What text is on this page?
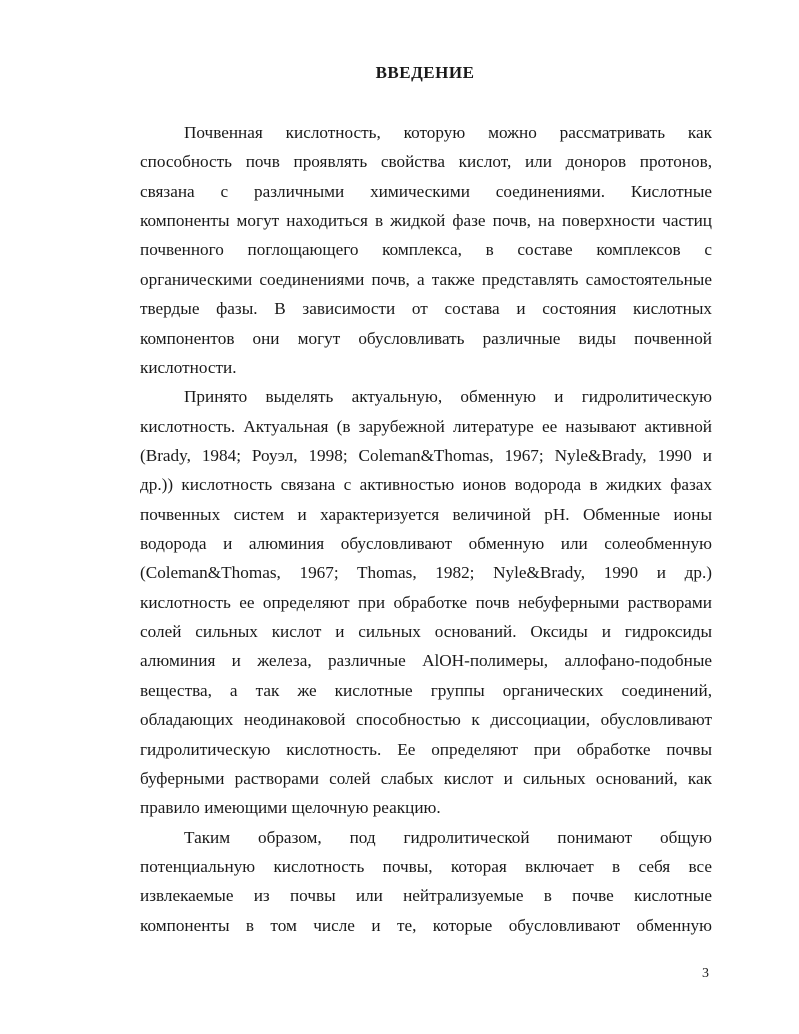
ВВЕДЕНИЕ
Почвенная кислотность, которую можно рассматривать как
способность почв проявлять свойства кислот, или доноров протонов,
связана с различными химическими соединениями. Кислотные
компоненты могут находиться в жидкой фазе почв, на поверхности частиц
почвенного поглощающего комплекса, в составе комплексов с
органическими соединениями почв, а также представлять самостоятельные
твердые фазы. В зависимости от состава и состояния кислотных
компонентов они могут обусловливать различные виды почвенной
кислотности.
Принято выделять актуальную, обменную и гидролитическую
кислотность. Актуальная (в зарубежной литературе ее называют активной
(Brady, 1984; Роуэл, 1998; Coleman&Thomas, 1967; Nyle&Brady, 1990 и
др.)) кислотность связана с активностью ионов водорода в жидких фазах
почвенных систем и характеризуется величиной pH. Обменные ионы
водорода и алюминия обусловливают обменную или солеобменную
(Coleman&Thomas, 1967; Thomas, 1982; Nyle&Brady, 1990 и др.)
кислотность ее определяют при обработке почв небуферными растворами
солей сильных кислот и сильных оснований. Оксиды и гидроксиды
алюминия и железа, различные AlOH-полимеры, аллофано-подобные
вещества, а так же кислотные группы органических соединений,
обладающих неодинаковой способностью к диссоциации, обусловливают
гидролитическую кислотность. Ее определяют при обработке почвы
буферными растворами солей слабых кислот и сильных оснований, как
правило имеющими щелочную реакцию.
Таким образом, под гидролитической понимают общую
потенциальную кислотность почвы, которая включает в себя все
извлекаемые из почвы или нейтрализуемые в почве кислотные
компоненты в том числе и те, которые обусловливают обменную
3
